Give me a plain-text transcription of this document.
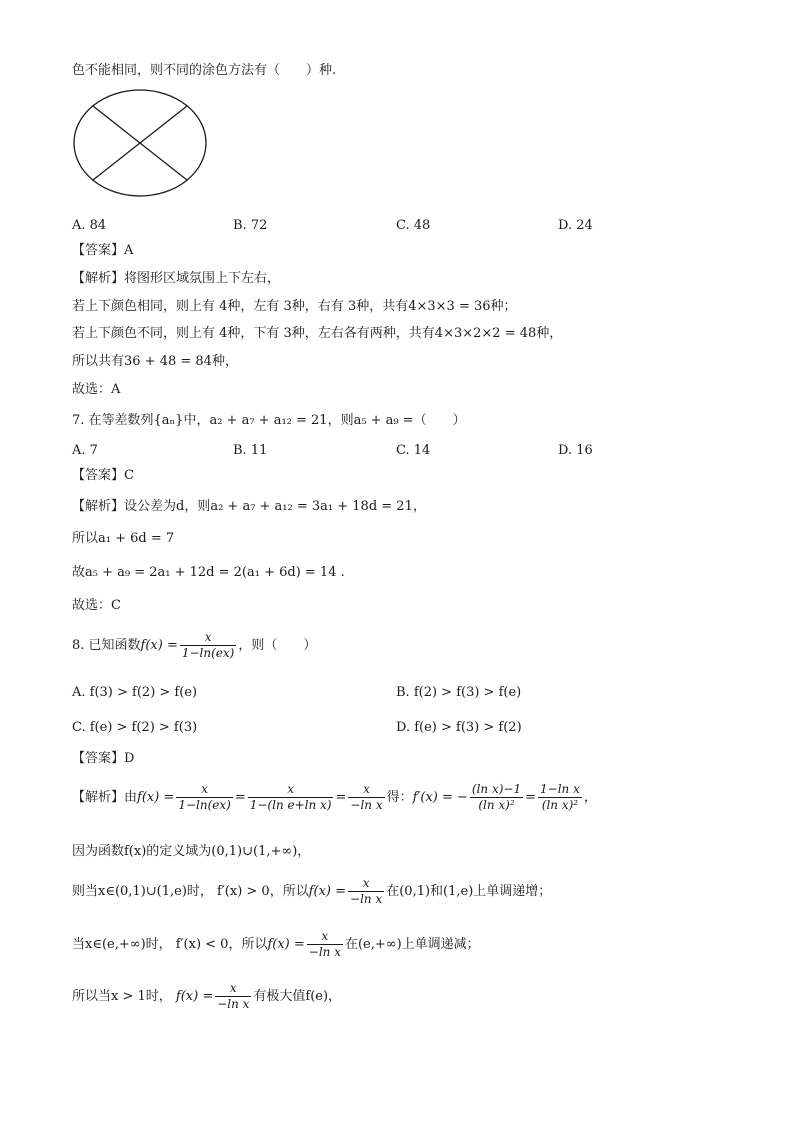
色不能相同，则不同的涂色方法有（　　）种.
A. 84	B. 72	C. 48	D. 24
【答案】A
【解析】将图形区域氛围上下左右，
若上下颜色相同，则上有 4种，左有 3种，右有 3种，共有4×3×3 = 36种；
若上下颜色不同，则上有 4种，下有 3种，左右各有两种，共有4×3×2×2 = 48种，
所以共有36 + 48 = 84种，
故选：A
7. 在等差数列{aₙ}中，a₂ + a₇ + a₁₂ = 21，则a₅ + a₉ =（　　）
A. 7	B. 11	C. 14	D. 16
【答案】C
【解析】设公差为d，则a₂ + a₇ + a₁₂ = 3a₁ + 18d = 21，
所以a₁ + 6d = 7
故a₅ + a₉ = 2a₁ + 12d = 2(a₁ + 6d) = 14 .
故选：C
8. 已知函数$f(x) = \frac{x}{1-\ln(ex)}$ ，则（　　）
A. f(3) > f(2) > f(e)	B. f(2) > f(3) > f(e)
C. f(e) > f(2) > f(3)	D. f(e) > f(3) > f(2)
【答案】D
【解析】由$f(x) = \frac{x}{1-\ln(ex)} = \frac{x}{\text{1−(ln e+ln x)}} = \frac{x}{\text{−ln x}}$ 得：f′(x) = − $\frac{\text{(ln x)−1}}{\text{(ln x)²}} = \frac{\text{1−ln x}}{\text{(ln x)²}}$ ，
因为函数f(x)的定义域为(0,1)∪(1,+∞)，
则当x∈(0,1)∪(1,e)时， f′(x) > 0，所以$f(x) = \frac{x}{\text{−ln x}}$ 在(0,1)和(1,e)上单调递增；
当x∈(e,+∞)时， f′(x) < 0，所以$f(x) = \frac{x}{\text{−ln x}}$ 在(e,+∞)上单调递减；
所以当x > 1时， $f(x) = \frac{x}{\text{−ln x}}$ 有极大值f(e)，
